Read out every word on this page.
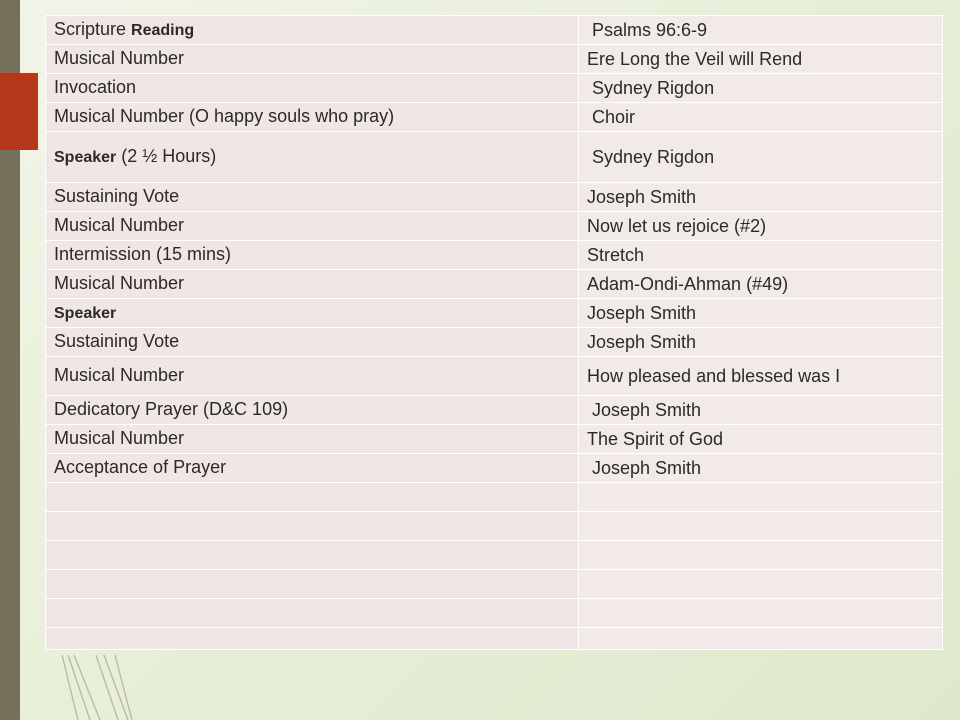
Scripture Reading	Psalms 96:6-9
Musical Number	Ere Long the Veil will Rend
Invocation	Sydney Rigdon
Musical Number (O happy souls who pray)	Choir
Speaker (2 ½ Hours)	Sydney Rigdon
Sustaining Vote	Joseph Smith
Musical Number	Now let us rejoice (#2)
Intermission (15 mins)	Stretch
Musical Number	Adam-Ondi-Ahman (#49)
Speaker	Joseph Smith
Sustaining Vote	Joseph Smith
Musical Number	How pleased and blessed was I
Dedicatory Prayer (D&C 109)	Joseph Smith
Musical Number	The Spirit of God
Acceptance of Prayer	Joseph Smith
